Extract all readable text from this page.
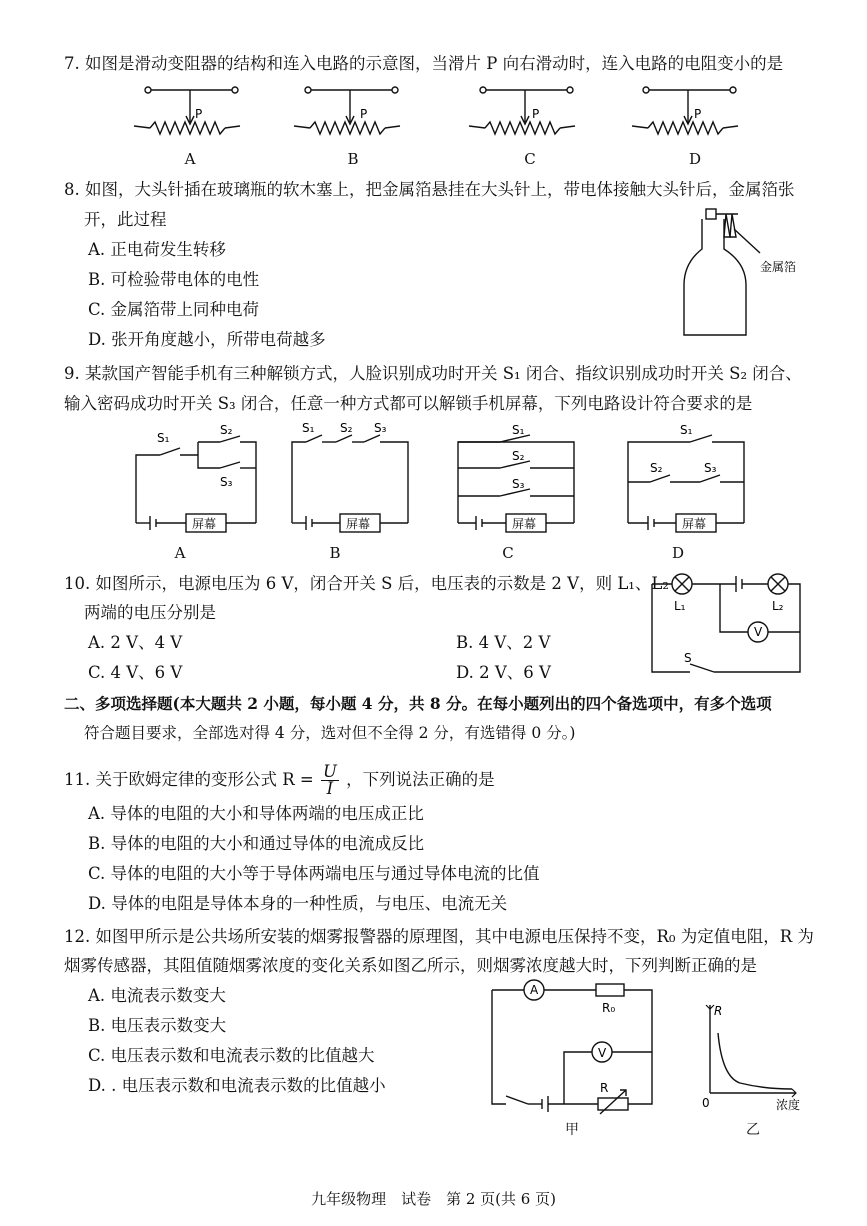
7. 如图是滑动变阻器的结构和连入电路的示意图，当滑片 P 向右滑动时，连入电路的电阻变小的是
P	P	P	P
A	B	C	D
8. 如图，大头针插在玻璃瓶的软木塞上，把金属箔悬挂在大头针上，带电体接触大头针后，金属箔张
开，此过程
A. 正电荷发生转移
B. 可检验带电体的电性
C. 金属箔带上同种电荷
D. 张开角度越小，所带电荷越多
金属箔
9. 某款国产智能手机有三种解锁方式，人脸识别成功时开关 S₁ 闭合、指纹识别成功时开关 S₂ 闭合、
输入密码成功时开关 S₃ 闭合，任意一种方式都可以解锁手机屏幕，下列电路设计符合要求的是
S₁
S₂
S₃
屏幕
S₁ S₂ S₃
屏幕
S₁
S₂
S₃
屏幕
S₁
S₂	S₃
屏幕
A	B	C	D
10. 如图所示，电源电压为 6 V，闭合开关 S 后，电压表的示数是 2 V，则 L₁、L₂
两端的电压分别是
A. 2 V、4 V	B. 4 V、2 V
C. 4 V、6 V	D. 2 V、6 V
L₁	L₂
V
S
二、多项选择题(本大题共 2 小题，每小题 4 分，共 8 分。在每小题列出的四个备选项中，有多个选项
符合题目要求，全部选对得 4 分，选对但不全得 2 分，有选错得 0 分。)
11. 关于欧姆定律的变形公式 $R = \frac{U}{I}$ ，下列说法正确的是
A. 导体的电阻的大小和导体两端的电压成正比
B. 导体的电阻的大小和通过导体的电流成反比
C. 导体的电阻的大小等于导体两端电压与通过导体电流的比值
D. 导体的电阻是导体本身的一种性质，与电压、电流无关
12. 如图甲所示是公共场所安装的烟雾报警器的原理图，其中电源电压保持不变，R₀ 为定值电阻，R 为
烟雾传感器，其阻值随烟雾浓度的变化关系如图乙所示，则烟雾浓度越大时，下列判断正确的是
A. 电流表示数变大
B. 电压表示数变大
C. 电压表示数和电流表示数的比值越大
D. . 电压表示数和电流表示数的比值越小
A
V
R₀
R
甲
R
0	浓度
乙
九年级物理　试卷　第 2 页(共 6 页)
